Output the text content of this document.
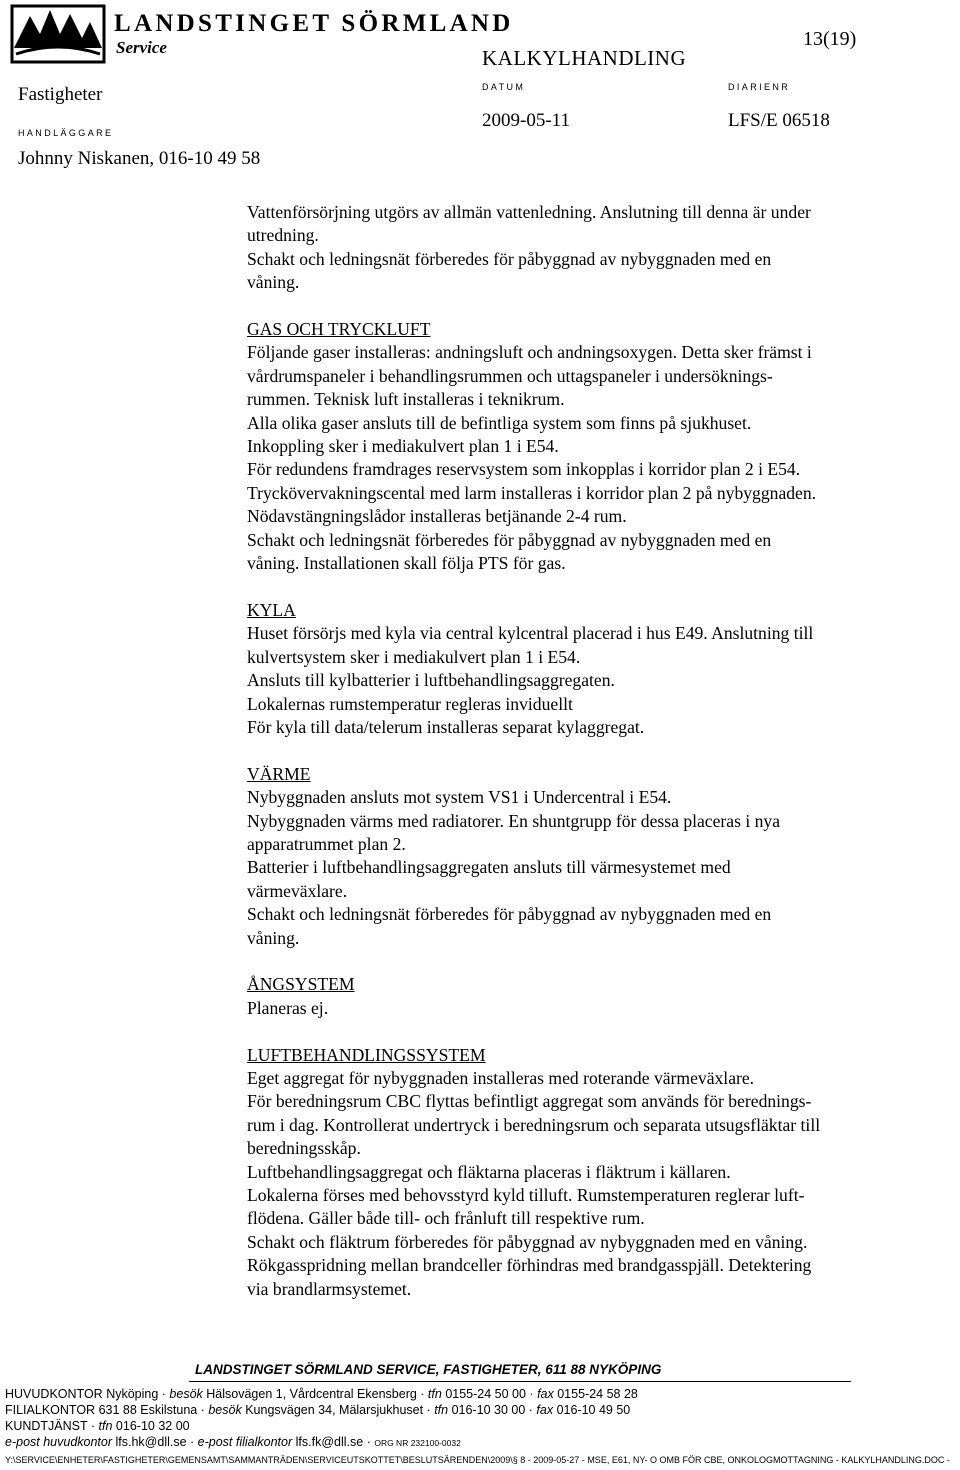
LANDSTINGET SÖRMLAND
Service	13(19)
KALKYLHANDLING
Fastigheter	DATUM	DIARIENR
HANDLÄGGARE
2009-05-11	LFS/E 06518
Johnny Niskanen, 016-10 49 58
Vattenförsörjning utgörs av allmän vattenledning. Anslutning till denna är under
utredning.
Schakt och ledningsnät förberedes för påbyggnad av nybyggnaden med en
våning.
GAS OCH TRYCKLUFT
Följande gaser installeras: andningsluft och andningsoxygen. Detta sker främst i
vårdrumspaneler i behandlingsrummen och uttagspaneler i undersöknings-
rummen. Teknisk luft installeras i teknikrum.
Alla olika gaser ansluts till de befintliga system som finns på sjukhuset.
Inkoppling sker i mediakulvert plan 1 i E54.
För redundens framdrages reservsystem som inkopplas i korridor plan 2 i E54.
Tryckövervakningscental med larm installeras i korridor plan 2 på nybyggnaden.
Nödavstängningslådor installeras betjänande 2-4 rum.
Schakt och ledningsnät förberedes för påbyggnad av nybyggnaden med en
våning. Installationen skall följa PTS för gas.
KYLA
Huset försörjs med kyla via central kylcentral placerad i hus E49. Anslutning till
kulvertsystem sker i mediakulvert plan 1 i E54.
Ansluts till kylbatterier i luftbehandlingsaggregaten.
Lokalernas rumstemperatur regleras inviduellt
För kyla till data/telerum installeras separat kylaggregat.
VÄRME
Nybyggnaden ansluts mot system VS1 i Undercentral i E54.
Nybyggnaden värms med radiatorer. En shuntgrupp för dessa placeras i nya
apparatrummet plan 2.
Batterier i luftbehandlingsaggregaten ansluts till värmesystemet med
värmeväxlare.
Schakt och ledningsnät förberedes för påbyggnad av nybyggnaden med en
våning.
ÅNGSYSTEM
Planeras ej.
LUFTBEHANDLINGSSYSTEM
Eget aggregat för nybyggnaden installeras med roterande värmeväxlare.
För beredningsrum CBC flyttas befintligt aggregat som används för berednings-
rum i dag. Kontrollerat undertryck i beredningsrum och separata utsugsfläktar till
beredningsskåp.
Luftbehandlingsaggregat och fläktarna placeras i fläktrum i källaren.
Lokalerna förses med behovsstyrd kyld tilluft. Rumstemperaturen reglerar luft-
flödena. Gäller både till- och frånluft till respektive rum.
Schakt och fläktrum förberedes för påbyggnad av nybyggnaden med en våning.
Rökgasspridning mellan brandceller förhindras med brandgasspjäll. Detektering
via brandlarmsystemet.
LANDSTINGET SÖRMLAND SERVICE, FASTIGHETER, 611 88 NYKÖPING
HUVUDKONTOR Nyköping · besök Hälsovägen 1, Vårdcentral Ekensberg · tfn 0155-24 50 00 · fax 0155-24 58 28
FILIALKONTOR 631 88 Eskilstuna · besök Kungsvägen 34, Mälarsjukhuset · tfn 016-10 30 00 · fax 016-10 49 50
KUNDTJÄNST · tfn 016-10 32 00
e-post huvudkontor lfs.hk@dll.se · e-post filialkontor lfs.fk@dll.se · ORG NR 232100-0032
Y:\SERVICE\ENHETER\FASTIGHETER\GEMENSAMT\SAMMANTRÄDEN\SERVICEUTSKOTTET\BESLUTSÄRENDEN\2009\§ 8 - 2009-05-27 - MSE, E61, NY- O OMB FÖR CBE, ONKOLOGMOTTAGNING - KALKYLHANDLING.DOC -
